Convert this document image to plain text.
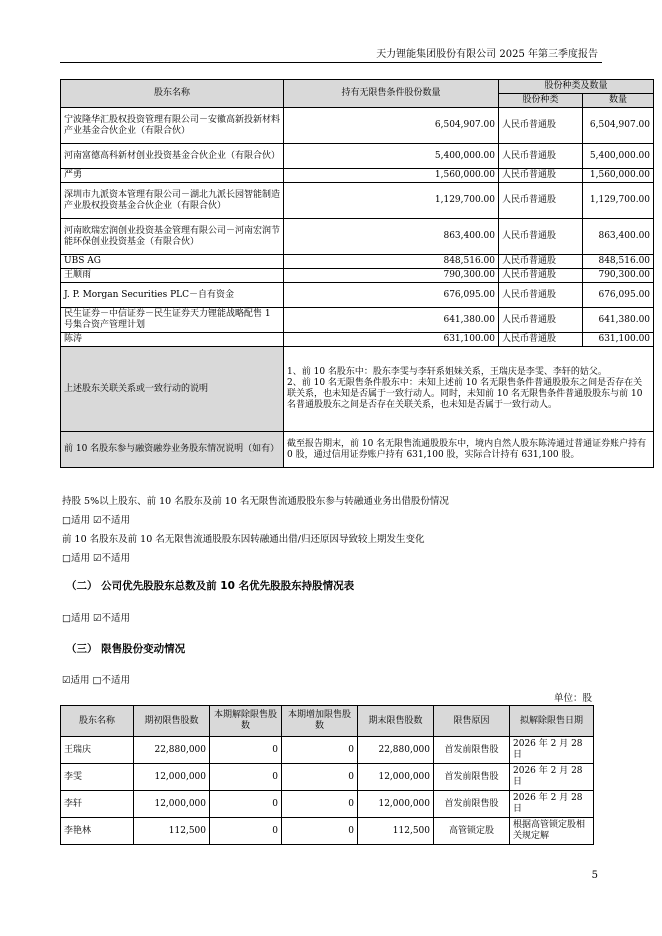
天力锂能集团股份有限公司 2025 年第三季度报告
股东名称	持有无限售条件股份数量	股份种类及数量	
		股份种类	数量
宁波隆华汇股权投资管理有限公司－安徽高新投新材料产业基金合伙企业（有限合伙）	6,504,907.00	人民币普通股	6,504,907.00
河南富德高科新材创业投资基金合伙企业（有限合伙）	5,400,000.00	人民币普通股	5,400,000.00
严勇	1,560,000.00	人民币普通股	1,560,000.00
深圳市九派资本管理有限公司－湖北九派长园智能制造产业股权投资基金合伙企业（有限合伙）	1,129,700.00	人民币普通股	1,129,700.00
河南欧瑞宏润创业投资基金管理有限公司－河南宏润节能环保创业投资基金（有限合伙）	863,400.00	人民币普通股	863,400.00
UBS AG	848,516.00	人民币普通股	848,516.00
王顺雨	790,300.00	人民币普通股	790,300.00
J. P. Morgan Securities PLC－自有资金	676,095.00	人民币普通股	676,095.00
民生证券－中信证券－民生证券天力锂能战略配售 1 号集合资产管理计划	641,380.00	人民币普通股	641,380.00
陈涛	631,100.00	人民币普通股	631,100.00
上述股东关联关系或一致行动的说明	1、前 10 名股东中：股东李雯与李轩系姐妹关系，王瑞庆是李雯、李轩的姑父。
2、前 10 名无限售条件股东中：未知上述前 10 名无限售条件普通股股东之间是否存在关联关系，也未知是否属于一致行动人。同时，未知前 10 名无限售条件普通股股东与前 10 名普通股股东之间是否存在关联关系，也未知是否属于一致行动人。		
前 10 名股东参与融资融券业务股东情况说明（如有）	截至报告期末，前 10 名无限售流通股股东中，境内自然人股东陈涛通过普通证券账户持有 0 股，通过信用证券账户持有 631,100 股，实际合计持有 631,100 股。		
持股 5%以上股东、前 10 名股东及前 10 名无限售流通股股东参与转融通业务出借股份情况
□适用 ☑不适用
前 10 名股东及前 10 名无限售流通股股东因转融通出借/归还原因导致较上期发生变化
□适用 ☑不适用
（二） 公司优先股股东总数及前 10 名优先股股东持股情况表
□适用 ☑不适用
（三） 限售股份变动情况
☑适用 □不适用
单位：股
股东名称	期初限售股数	本期解除限售股数	本期增加限售股数	期末限售股数	限售原因	拟解除限售日期
王瑞庆	22,880,000	0	0	22,880,000	首发前限售股	2026 年 2 月 28 日
李雯	12,000,000	0	0	12,000,000	首发前限售股	2026 年 2 月 28 日
李轩	12,000,000	0	0	12,000,000	首发前限售股	2026 年 2 月 28 日
李艳林	112,500	0	0	112,500	高管锁定股	根据高管锁定股相关规定解
5
